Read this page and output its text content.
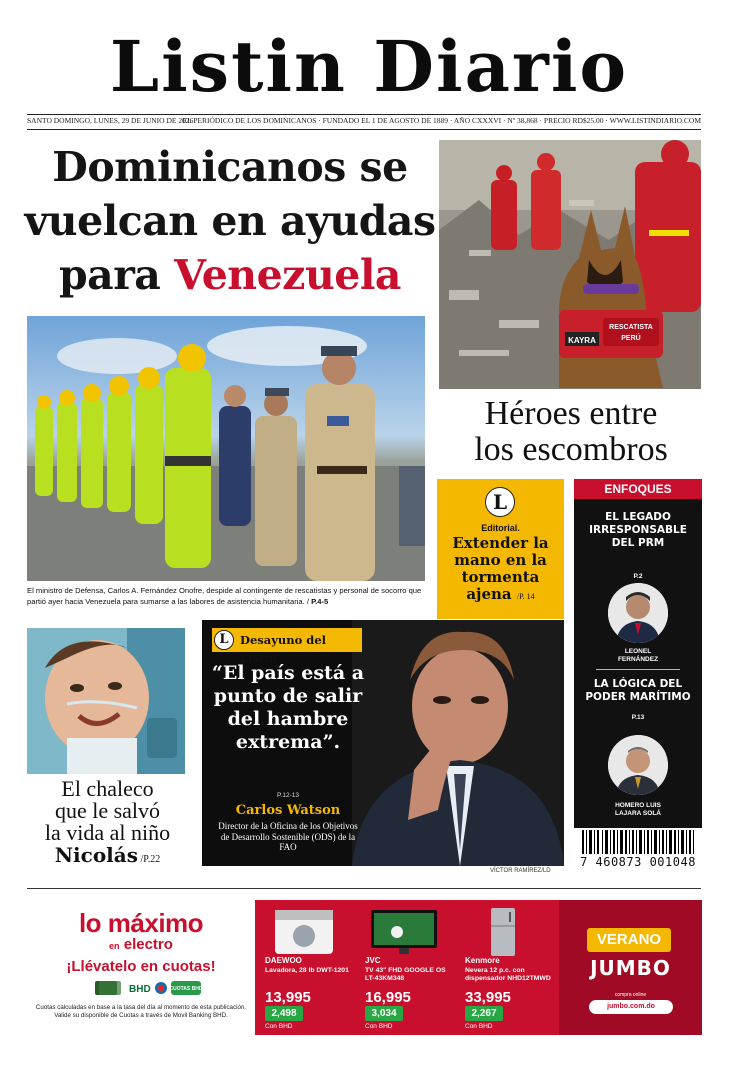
Listin Diario
SANTO DOMINGO, LUNES, 29 DE JUNIO DE 2026
EL PERIÓDICO DE LOS DOMINICANOS · FUNDADO EL 1 DE AGOSTO DE 1889 · AÑO CXXXVI · Nº 38,868 · PRECIO RD$25.00 · WWW.LISTINDIARIO.COM
Dominicanos se
vuelcan en ayudas
para Venezuela
El ministro de Defensa, Carlos A. Fernández Onofre, despide al contingente de rescatistas y personal de socorro que partió ayer hacia Venezuela para sumarse a las labores de asistencia humanitaria. / P.4-5
KAYRA
RESCATISTA
PERÚ
Héroes entre
los escombros
L
Editorial.
Extender la mano en la tormenta ajena /P. 14
ENFOQUES
EL LEGADO IRRESPONSABLE DEL PRM
P.2
LEONEL
FERNÁNDEZ
LA LÓGICA DEL PODER MARÍTIMO
P.13
HOMERO LUIS
LAJARA SOLÁ
7 460873 001048
El chaleco
que le salvó
la vida al niño
Nicolás /P.22
L Desayuno del Listín
“El país está a punto de salir del hambre extrema”.
P.12-13
Carlos Watson
Director de la Oficina de los Objetivos de Desarrollo Sostenible (ODS) de la FAO
VÍCTOR RAMÍREZ/LD
lo máximo
en electro
¡Llévatelo en cuotas!
BHD	CUOTAS BHD
Cuotas calculadas en base a la tasa del día al momento de esta publicación. Valide su disponible de Cuotas a través de Movil Banking BHD.
DAEWOO
Lavadora, 28 lb DWT-1201
13,995
2,498
Con BHD
JVC
TV 43" FHD GOOGLE OS LT-43KM348
16,995
3,034
Con BHD
Kenmore
Nevera 12 p.c. con dispensador NHD12TMWD
33,995
2,267
Con BHD
VERANO
JUMBO
compra online
jumbo.com.do
